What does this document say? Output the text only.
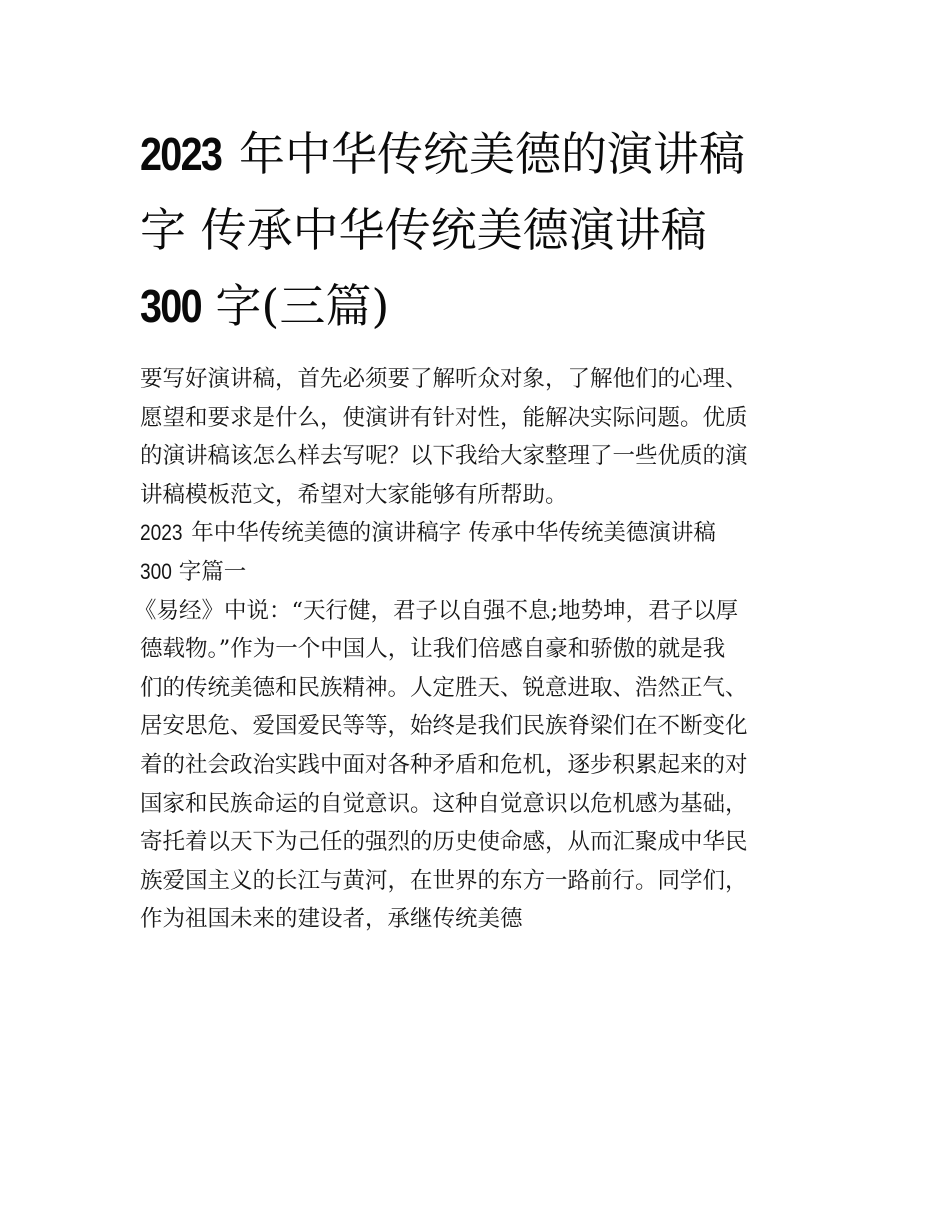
2023 年中华传统美德的演讲稿
字 传承中华传统美德演讲稿
300 字(三篇)
要写好演讲稿，首先必须要了解听众对象，了解他们的心理、
愿望和要求是什么，使演讲有针对性，能解决实际问题。优质
的演讲稿该怎么样去写呢？以下我给大家整理了一些优质的演
讲稿模板范文，希望对大家能够有所帮助。
2023 年中华传统美德的演讲稿字 传承中华传统美德演讲稿
300 字篇一
《易经》中说：“天行健，君子以自强不息;地势坤，君子以厚
德载物。”作为一个中国人，让我们倍感自豪和骄傲的就是我
们的传统美德和民族精神。人定胜天、锐意进取、浩然正气、
居安思危、爱国爱民等等，始终是我们民族脊梁们在不断变化
着的社会政治实践中面对各种矛盾和危机，逐步积累起来的对
国家和民族命运的自觉意识。这种自觉意识以危机感为基础，
寄托着以天下为己任的强烈的历史使命感，从而汇聚成中华民
族爱国主义的长江与黄河，在世界的东方一路前行。同学们，
作为祖国未来的建设者，承继传统美德
